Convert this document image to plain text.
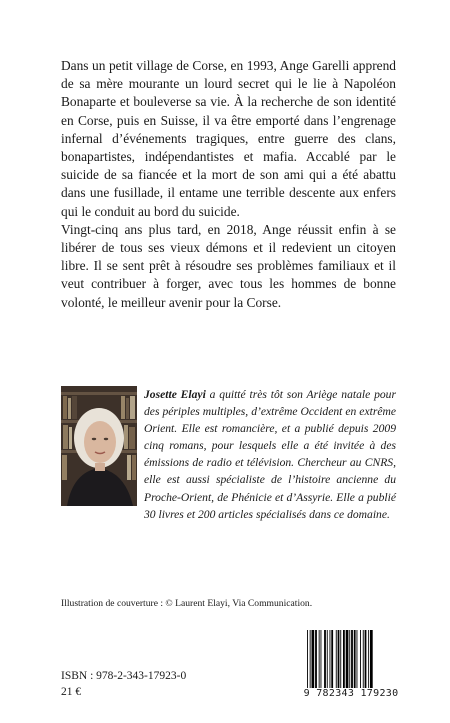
Dans un petit village de Corse, en 1993, Ange Garelli apprend de sa mère mourante un lourd secret qui le lie à Napoléon Bonaparte et bouleverse sa vie. À la recherche de son identité en Corse, puis en Suisse, il va être emporté dans l’engrenage infernal d’événements tragiques, entre guerre des clans, bonapartistes, indépendantistes et mafia. Accablé par le suicide de sa fiancée et la mort de son ami qui a été abattu dans une fusillade, il entame une terrible descente aux enfers qui le conduit au bord du suicide.

Vingt-cinq ans plus tard, en 2018, Ange réussit enfin à se libérer de tous ses vieux démons et il redevient un citoyen libre. Il se sent prêt à résoudre ses problèmes familiaux et il veut contribuer à forger, avec tous les hommes de bonne volonté, le meilleur avenir pour la Corse.

Josette Elayi a quitté très tôt son Ariège natale pour des périples multiples, d’extrême Occident en extrême Orient. Elle est romancière, et a publié depuis 2009 cinq romans, pour lesquels elle a été invitée à des émissions de radio et télévision. Chercheur au CNRS, elle est aussi spécialiste de l’histoire ancienne du Proche-Orient, de Phénicie et d’Assyrie. Elle a publié 30 livres et 200 articles spécialisés dans ce domaine.
Illustration de couverture : © Laurent Elayi, Via Communication.
ISBN : 978-2-343-17923-0
21 €	9 782343 179230
